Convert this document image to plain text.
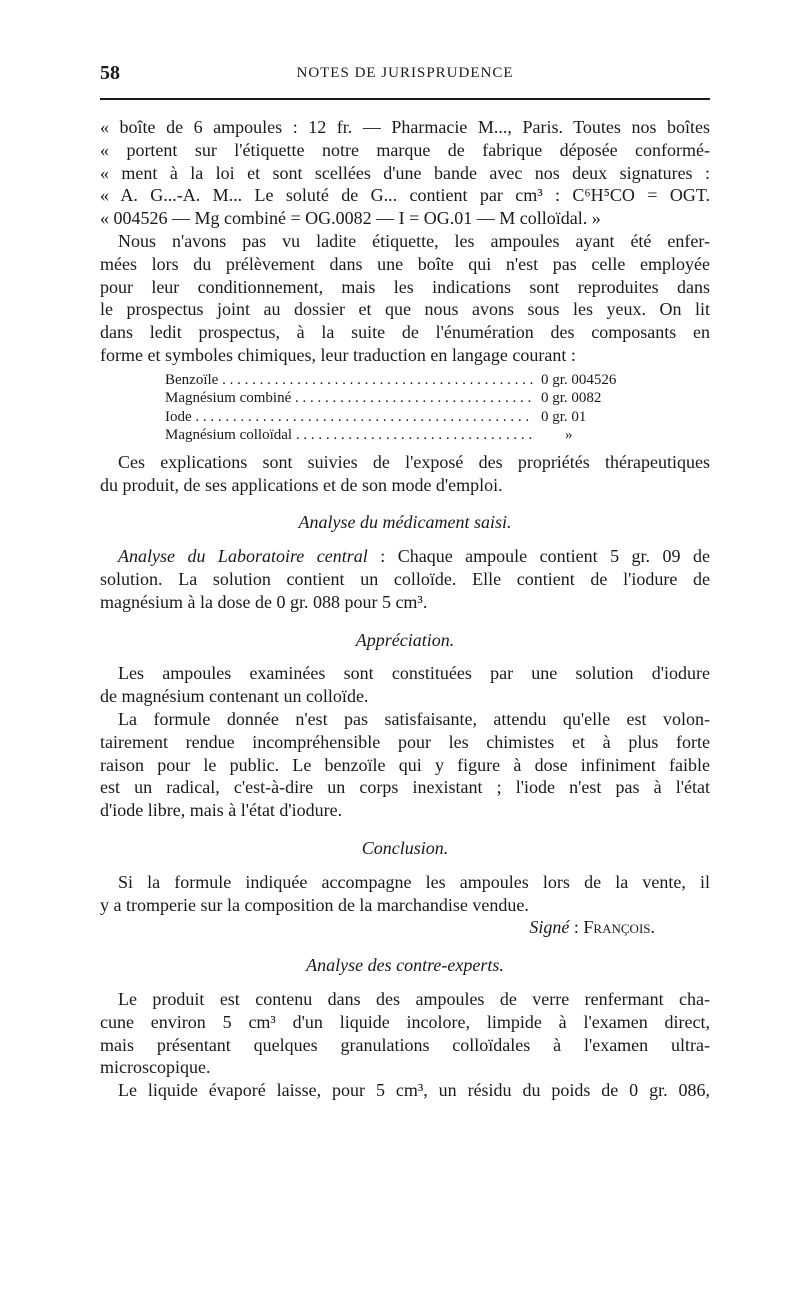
58	NOTES DE JURISPRUDENCE
« boîte de 6 ampoules : 12 fr. — Pharmacie M..., Paris. Toutes nos boîtes
« portent sur l'étiquette notre marque de fabrique déposée conformé-
« ment à la loi et sont scellées d'une bande avec nos deux signatures :
« A. G...-A. M... Le soluté de G... contient par cm³ : C⁶H⁵CO = OGT.
« 004526 — Mg combiné = OG.0082 — I = OG.01 — M colloïdal. »
Nous n'avons pas vu ladite étiquette, les ampoules ayant été enfer-
mées lors du prélèvement dans une boîte qui n'est pas celle employée
pour leur conditionnement, mais les indications sont reproduites dans
le prospectus joint au dossier et que nous avons sous les yeux. On lit
dans ledit prospectus, à la suite de l'énumération des composants en
forme et symboles chimiques, leur traduction en langage courant :
Benzoïle . . .	0 gr. 004526
Magnésium combiné . . .	0 gr. 0082
Iode . . .	0 gr. 01
Magnésium colloïdal . . .	»
Ces explications sont suivies de l'exposé des propriétés thérapeutiques
du produit, de ses applications et de son mode d'emploi.
Analyse du médicament saisi.
Analyse du Laboratoire central : Chaque ampoule contient 5 gr. 09 de
solution. La solution contient un colloïde. Elle contient de l'iodure de
magnésium à la dose de 0 gr. 088 pour 5 cm³.
Appréciation.
Les ampoules examinées sont constituées par une solution d'iodure
de magnésium contenant un colloïde.
La formule donnée n'est pas satisfaisante, attendu qu'elle est volon-
tairement rendue incompréhensible pour les chimistes et à plus forte
raison pour le public. Le benzoïle qui y figure à dose infiniment faible
est un radical, c'est-à-dire un corps inexistant ; l'iode n'est pas à l'état
d'iode libre, mais à l'état d'iodure.
Conclusion.
Si la formule indiquée accompagne les ampoules lors de la vente, il
y a tromperie sur la composition de la marchandise vendue.
Signé : François.
Analyse des contre-experts.
Le produit est contenu dans des ampoules de verre renfermant cha-
cune environ 5 cm³ d'un liquide incolore, limpide à l'examen direct,
mais présentant quelques granulations colloïdales à l'examen ultra-
microscopique.
Le liquide évaporé laisse, pour 5 cm³, un résidu du poids de 0 gr. 086,
